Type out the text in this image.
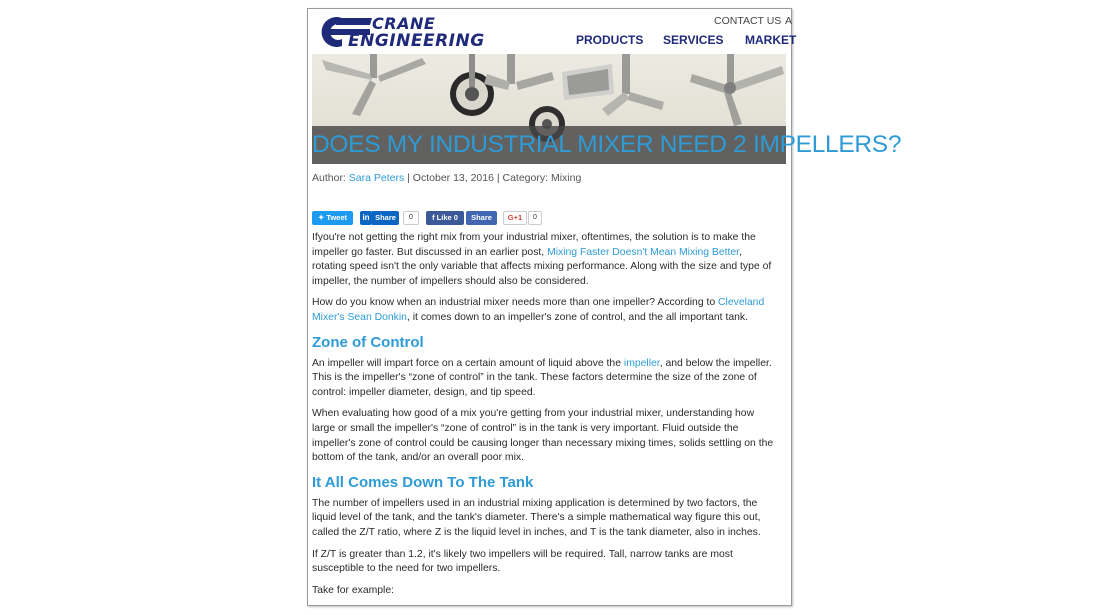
CRANE
ENGINEERING
CONTACT US A
PRODUCTS SERVICES MARKET
DOES MY INDUSTRIAL MIXER NEED 2 IMPELLERS?
Author: Sara Peters | October 13, 2016 | Category: Mixing
✦ Tweet	in Share	0	f Like 0	Share	G+1	0

Ifyou're not getting the right mix from your industrial mixer, oftentimes, the solution is to make the impeller go faster. But discussed in an earlier post, Mixing Faster Doesn't Mean Mixing Better, rotating speed isn't the only variable that affects mixing performance. Along with the size and type of impeller, the number of impellers should also be considered.

How do you know when an industrial mixer needs more than one impeller? According to Cleveland Mixer's Sean Donkin, it comes down to an impeller's zone of control, and the all important tank.

Zone of Control

An impeller will impart force on a certain amount of liquid above the impeller, and below the impeller. This is the impeller's “zone of control” in the tank. These factors determine the size of the zone of control: impeller diameter, design, and tip speed.

When evaluating how good of a mix you're getting from your industrial mixer, understanding how large or small the impeller's “zone of control” is in the tank is very important. Fluid outside the impeller's zone of control could be causing longer than necessary mixing times, solids settling on the bottom of the tank, and/or an overall poor mix.

It All Comes Down To The Tank

The number of impellers used in an industrial mixing application is determined by two factors, the liquid level of the tank, and the tank's diameter. There's a simple mathematical way figure this out, called the Z/T ratio, where Z is the liquid level in inches, and T is the tank diameter, also in inches.

If Z/T is greater than 1.2, it's likely two impellers will be required. Tall, narrow tanks are most susceptible to the need for two impellers.

Take for example:
